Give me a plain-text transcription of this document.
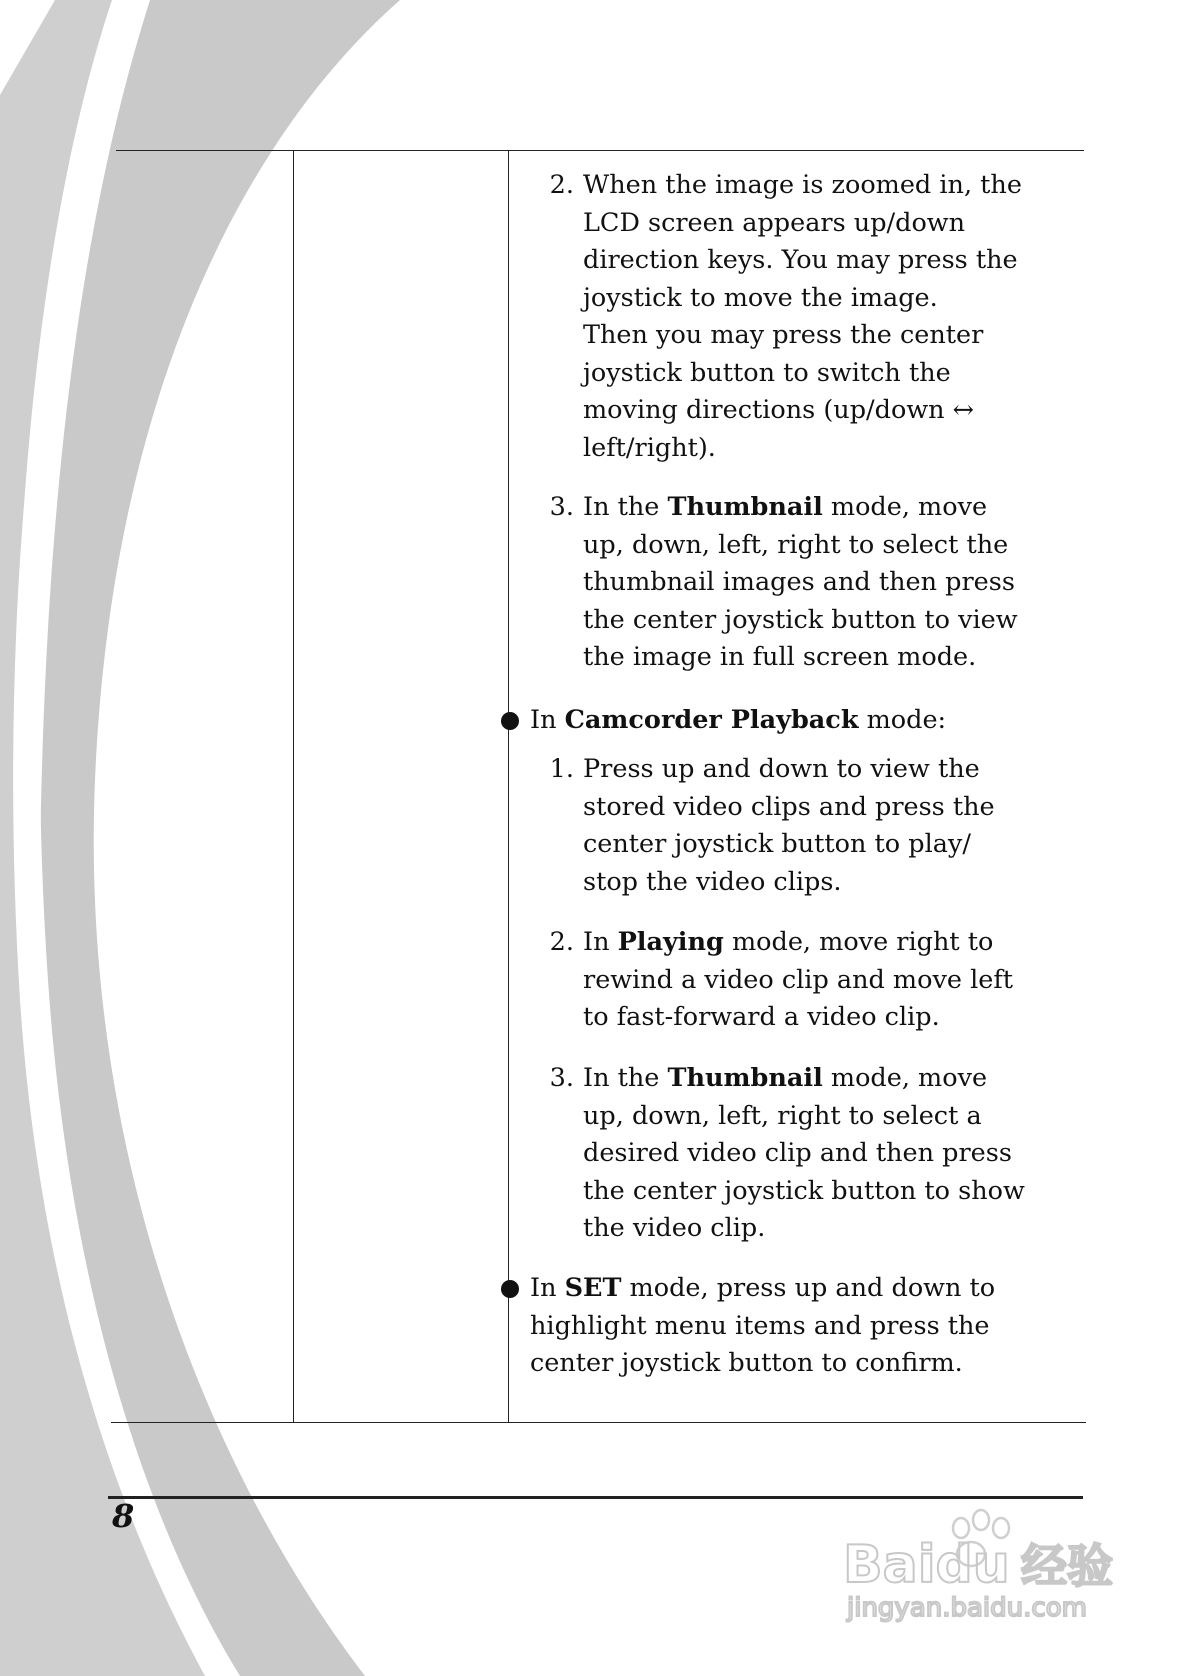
2. When the image is zoomed in, the
LCD screen appears up/down
direction keys. You may press the
joystick to move the image.
Then you may press the center
joystick button to switch the
moving directions (up/down ↔
left/right).
3. In the Thumbnail mode, move
up, down, left, right to select the
thumbnail images and then press
the center joystick button to view
the image in full screen mode.
In Camcorder Playback mode:
1. Press up and down to view the
stored video clips and press the
center joystick button to play/
stop the video clips.
2. In Playing mode, move right to
rewind a video clip and move left
to fast-forward a video clip.
3. In the Thumbnail mode, move
up, down, left, right to select a
desired video clip and then press
the center joystick button to show
the video clip.
In SET mode, press up and down to
highlight menu items and press the
center joystick button to confirm.
8
Baidu 经验
jingyan.baidu.com
